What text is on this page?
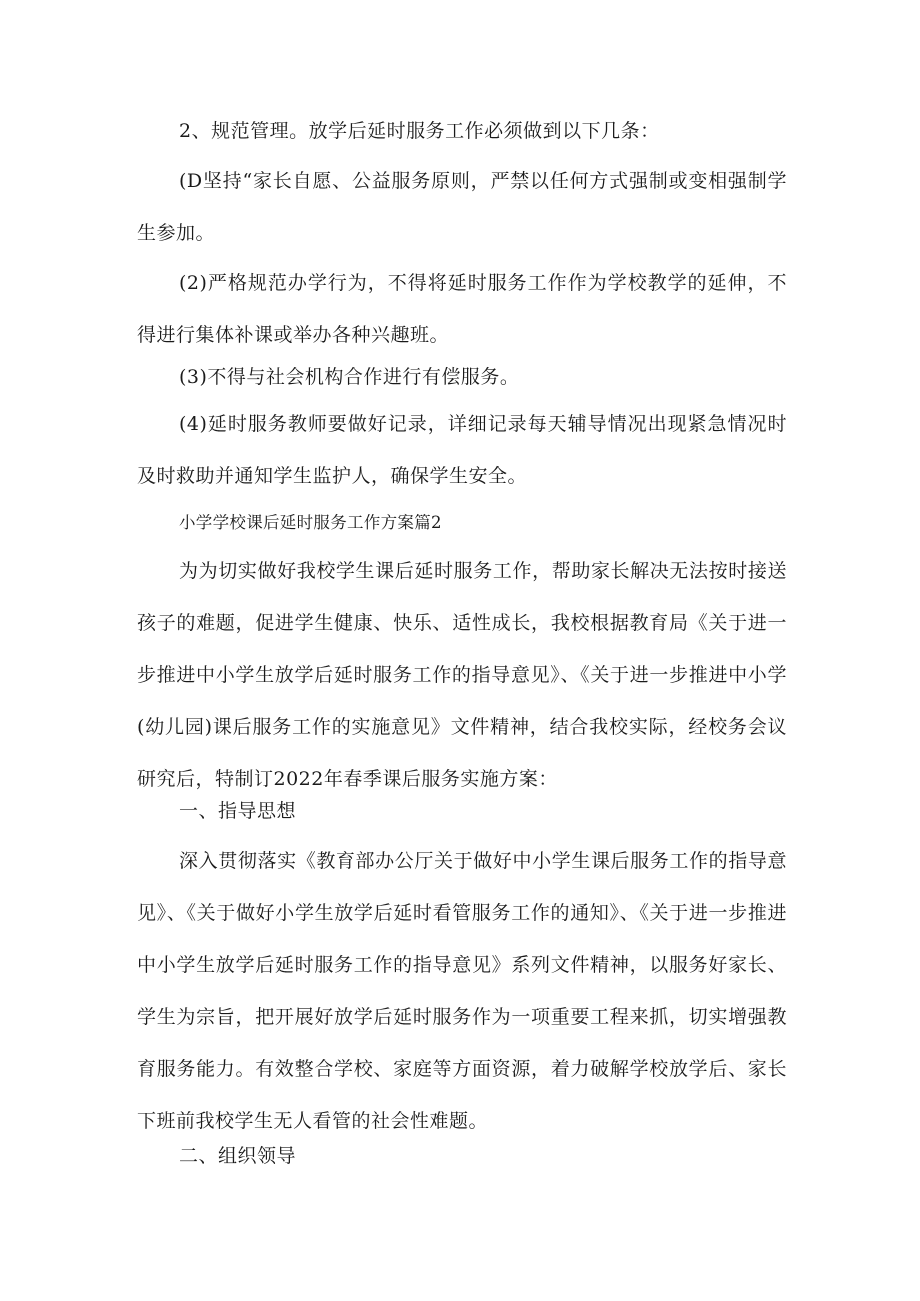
2、规范管理。放学后延时服务工作必须做到以下几条：

(D坚持“家长自愿、公益服务原则，严禁以任何方式强制或变相强制学生参加。

(2)严格规范办学行为，不得将延时服务工作作为学校教学的延伸，不得进行集体补课或举办各种兴趣班。

(3)不得与社会机构合作进行有偿服务。

(4)延时服务教师要做好记录，详细记录每天辅导情况出现紧急情况时及时救助并通知学生监护人，确保学生安全。

小学学校课后延时服务工作方案篇2

为为切实做好我校学生课后延时服务工作，帮助家长解决无法按时接送孩子的难题，促进学生健康、快乐、适性成长，我校根据教育局《关于进一步推进中小学生放学后延时服务工作的指导意见》、《关于进一步推进中小学(幼儿园)课后服务工作的实施意见》文件精神，结合我校实际，经校务会议研究后，特制订2022年春季课后服务实施方案：

一、指导思想

深入贯彻落实《教育部办公厅关于做好中小学生课后服务工作的指导意见》、《关于做好小学生放学后延时看管服务工作的通知》、《关于进一步推进中小学生放学后延时服务工作的指导意见》系列文件精神，以服务好家长、学生为宗旨，把开展好放学后延时服务作为一项重要工程来抓，切实增强教育服务能力。有效整合学校、家庭等方面资源，着力破解学校放学后、家长下班前我校学生无人看管的社会性难题。

二、组织领导
